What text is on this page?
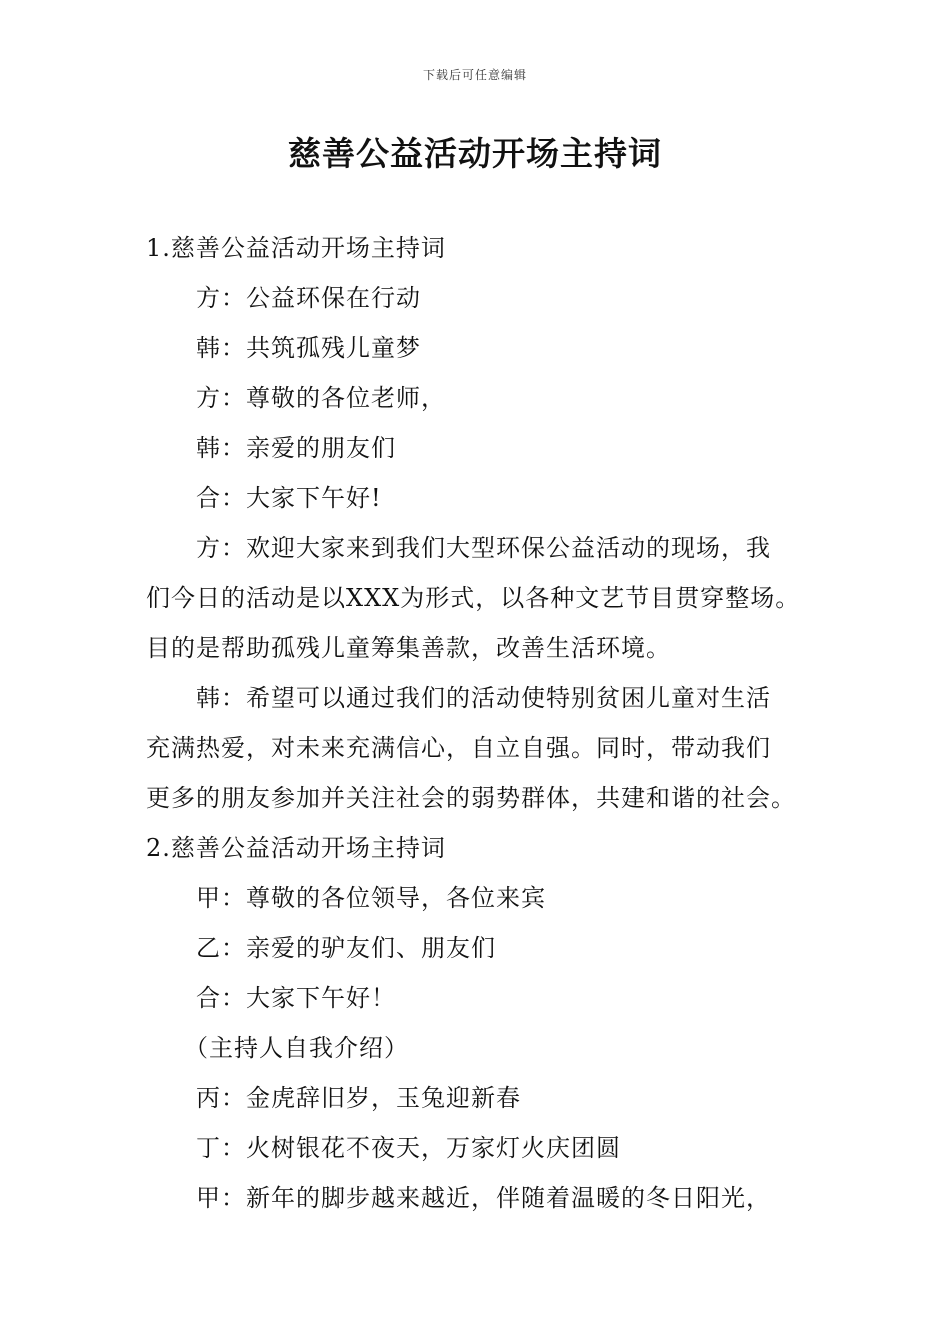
下载后可任意编辑
慈善公益活动开场主持词
1.慈善公益活动开场主持词
方：公益环保在行动
韩：共筑孤残儿童梦
方：尊敬的各位老师，
韩：亲爱的朋友们
合：大家下午好!
方：欢迎大家来到我们大型环保公益活动的现场，我
们今日的活动是以XXX为形式，以各种文艺节目贯穿整场。
目的是帮助孤残儿童筹集善款，改善生活环境。
韩：希望可以通过我们的活动使特别贫困儿童对生活
充满热爱，对未来充满信心，自立自强。同时，带动我们
更多的朋友参加并关注社会的弱势群体，共建和谐的社会。
2.慈善公益活动开场主持词
甲：尊敬的各位领导，各位来宾
乙：亲爱的驴友们、朋友们
合：大家下午好！
（主持人自我介绍）
丙：金虎辞旧岁，玉兔迎新春
丁：火树银花不夜天，万家灯火庆团圆
甲：新年的脚步越来越近，伴随着温暖的冬日阳光，
